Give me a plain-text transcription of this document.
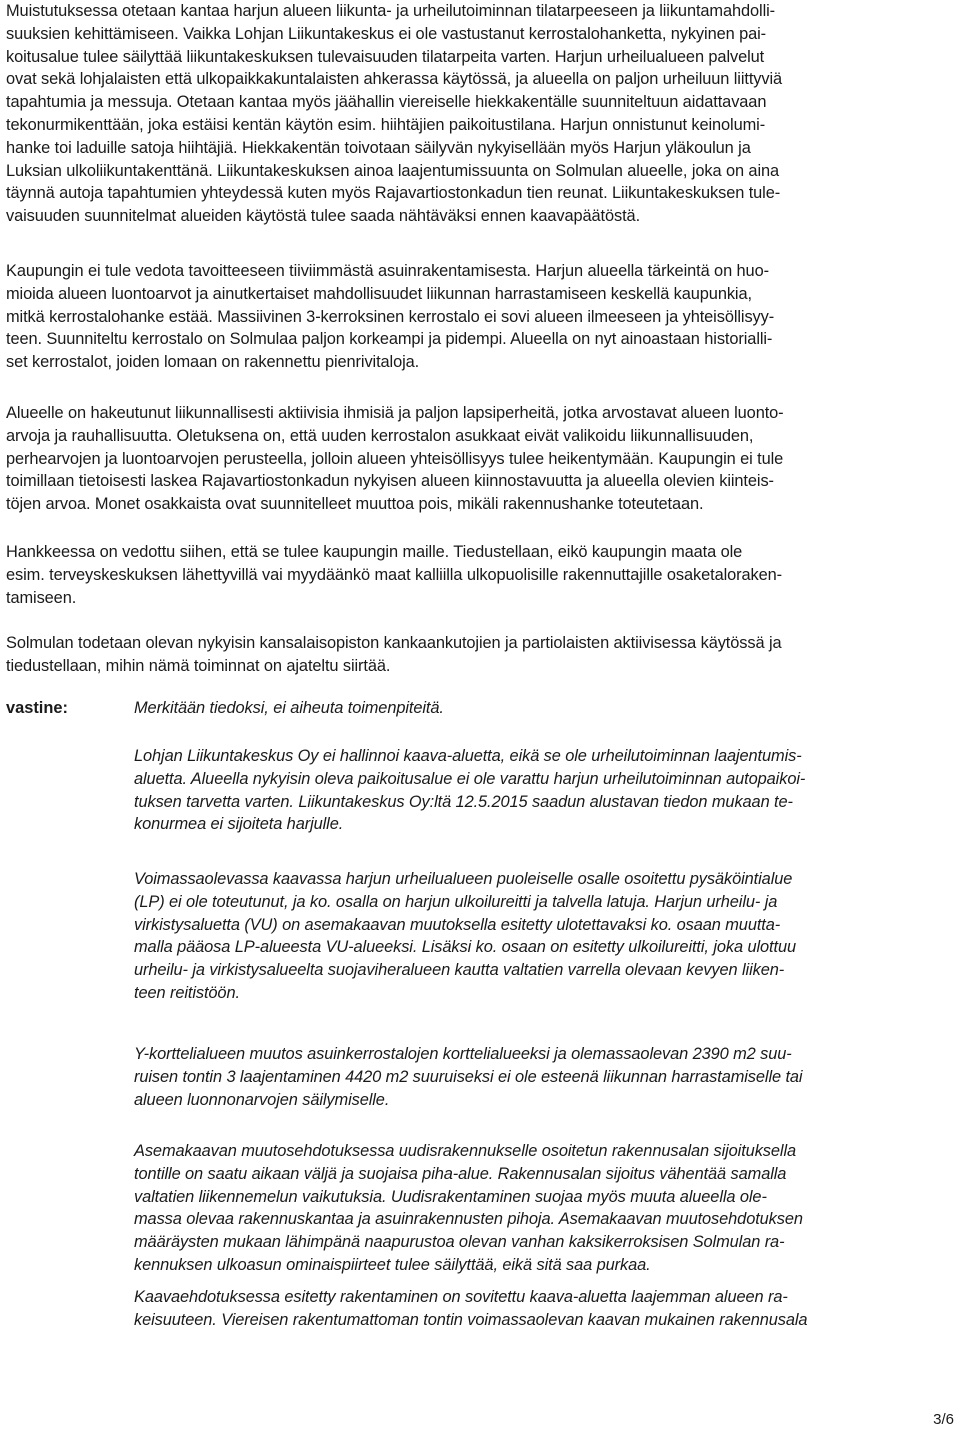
Muistutuksessa otetaan kantaa harjun alueen liikunta- ja urheilutoiminnan tilatarpeeseen ja liikuntamahdolli-
suuksien kehittämiseen. Vaikka Lohjan Liikuntakeskus ei ole vastustanut kerrostalohanketta, nykyinen pai-
koitusalue tulee säilyttää liikuntakeskuksen tulevaisuuden tilatarpeita varten. Harjun urheilualueen palvelut
ovat sekä lohjalaisten että ulkopaikkakuntalaisten ahkerassa käytössä, ja alueella on paljon urheiluun liittyviä
tapahtumia ja messuja. Otetaan kantaa myös jäähallin viereiselle hiekkakentälle suunniteltuun aidattavaan
tekonurmikenttään, joka estäisi kentän käytön esim. hiihtäjien paikoitustilana. Harjun onnistunut keinolumi-
hanke toi laduille satoja hiihtäjiä. Hiekkakentän toivotaan säilyvän nykyisellään myös Harjun yläkoulun ja
Luksian ulkoliikuntakenttänä. Liikuntakeskuksen ainoa laajentumissuunta on Solmulan alueelle, joka on aina
täynnä autoja tapahtumien yhteydessä kuten myös Rajavartiostonkadun tien reunat. Liikuntakeskuksen tule-
vaisuuden suunnitelmat alueiden käytöstä tulee saada nähtäväksi ennen kaavapäätöstä.

Kaupungin ei tule vedota tavoitteeseen tiiviimmästä asuinrakentamisesta. Harjun alueella tärkeintä on huo-
mioida alueen luontoarvot ja ainutkertaiset mahdollisuudet liikunnan harrastamiseen keskellä kaupunkia,
mitkä kerrostalohanke estää. Massiivinen 3-kerroksinen kerrostalo ei sovi alueen ilmeeseen ja yhteisöllisyy-
teen. Suunniteltu kerrostalo on Solmulaa paljon korkeampi ja pidempi. Alueella on nyt ainoastaan historialli-
set kerrostalot, joiden lomaan on rakennettu pienrivitaloja.

Alueelle on hakeutunut liikunnallisesti aktiivisia ihmisiä ja paljon lapsiperheitä, jotka arvostavat alueen luonto-
arvoja ja rauhallisuutta. Oletuksena on, että uuden kerrostalon asukkaat eivät valikoidu liikunnallisuuden,
perhearvojen ja luontoarvojen perusteella, jolloin alueen yhteisöllisyys tulee heikentymään. Kaupungin ei tule
toimillaan tietoisesti laskea Rajavartiostonkadun nykyisen alueen kiinnostavuutta ja alueella olevien kiinteis-
töjen arvoa. Monet osakkaista ovat suunnitelleet muuttoa pois, mikäli rakennushanke toteutetaan.

Hankkeessa on vedottu siihen, että se tulee kaupungin maille. Tiedustellaan, eikö kaupungin maata ole
esim. terveyskeskuksen lähettyvillä vai myydäänkö maat kalliilla ulkopuolisille rakennuttajille osaketaloraken-
tamiseen.

Solmulan todetaan olevan nykyisin kansalaisopiston kankaankutojien ja partiolaisten aktiivisessa käytössä ja
tiedustellaan, mihin nämä toiminnat on ajateltu siirtää.

vastine:	Merkitään tiedoksi, ei aiheuta toimenpiteitä.

Lohjan Liikuntakeskus Oy ei hallinnoi kaava-aluetta, eikä se ole urheilutoiminnan laajentumis-
aluetta. Alueella nykyisin oleva paikoitusalue ei ole varattu harjun urheilutoiminnan autopaikoi-
tuksen tarvetta varten. Liikuntakeskus Oy:ltä 12.5.2015 saadun alustavan tiedon mukaan te-
konurmea ei sijoiteta harjulle.

Voimassaolevassa kaavassa harjun urheilualueen puoleiselle osalle osoitettu pysäköintialue
(LP) ei ole toteutunut, ja ko. osalla on harjun ulkoilureitti ja talvella latuja. Harjun urheilu- ja
virkistysaluetta (VU) on asemakaavan muutoksella esitetty ulotettavaksi ko. osaan muutta-
malla pääosa LP-alueesta VU-alueeksi. Lisäksi ko. osaan on esitetty ulkoilureitti, joka ulottuu
urheilu- ja virkistysalueelta suojaviheralueen kautta valtatien varrella olevaan kevyen liiken-
teen reitistöön.

Y-korttelialueen muutos asuinkerrostalojen korttelialueeksi ja olemassaolevan 2390 m2 suu-
ruisen tontin 3 laajentaminen 4420 m2 suuruiseksi ei ole esteenä liikunnan harrastamiselle tai
alueen luonnonarvojen säilymiselle.

Asemakaavan muutosehdotuksessa uudisrakennukselle osoitetun rakennusalan sijoituksella
tontille on saatu aikaan väljä ja suojaisa piha-alue. Rakennusalan sijoitus vähentää samalla
valtatien liikennemelun vaikutuksia. Uudisrakentaminen suojaa myös muuta alueella ole-
massa olevaa rakennuskantaa ja asuinrakennusten pihoja. Asemakaavan muutosehdotuksen
määräysten mukaan lähimpänä naapurustoa olevan vanhan kaksikerroksisen Solmulan ra-
kennuksen ulkoasun ominaispiirteet tulee säilyttää, eikä sitä saa purkaa.

Kaavaehdotuksessa esitetty rakentaminen on sovitettu kaava-aluetta laajemman alueen ra-
keisuuteen. Viereisen rakentumattoman tontin voimassaolevan kaavan mukainen rakennusala

3/6
